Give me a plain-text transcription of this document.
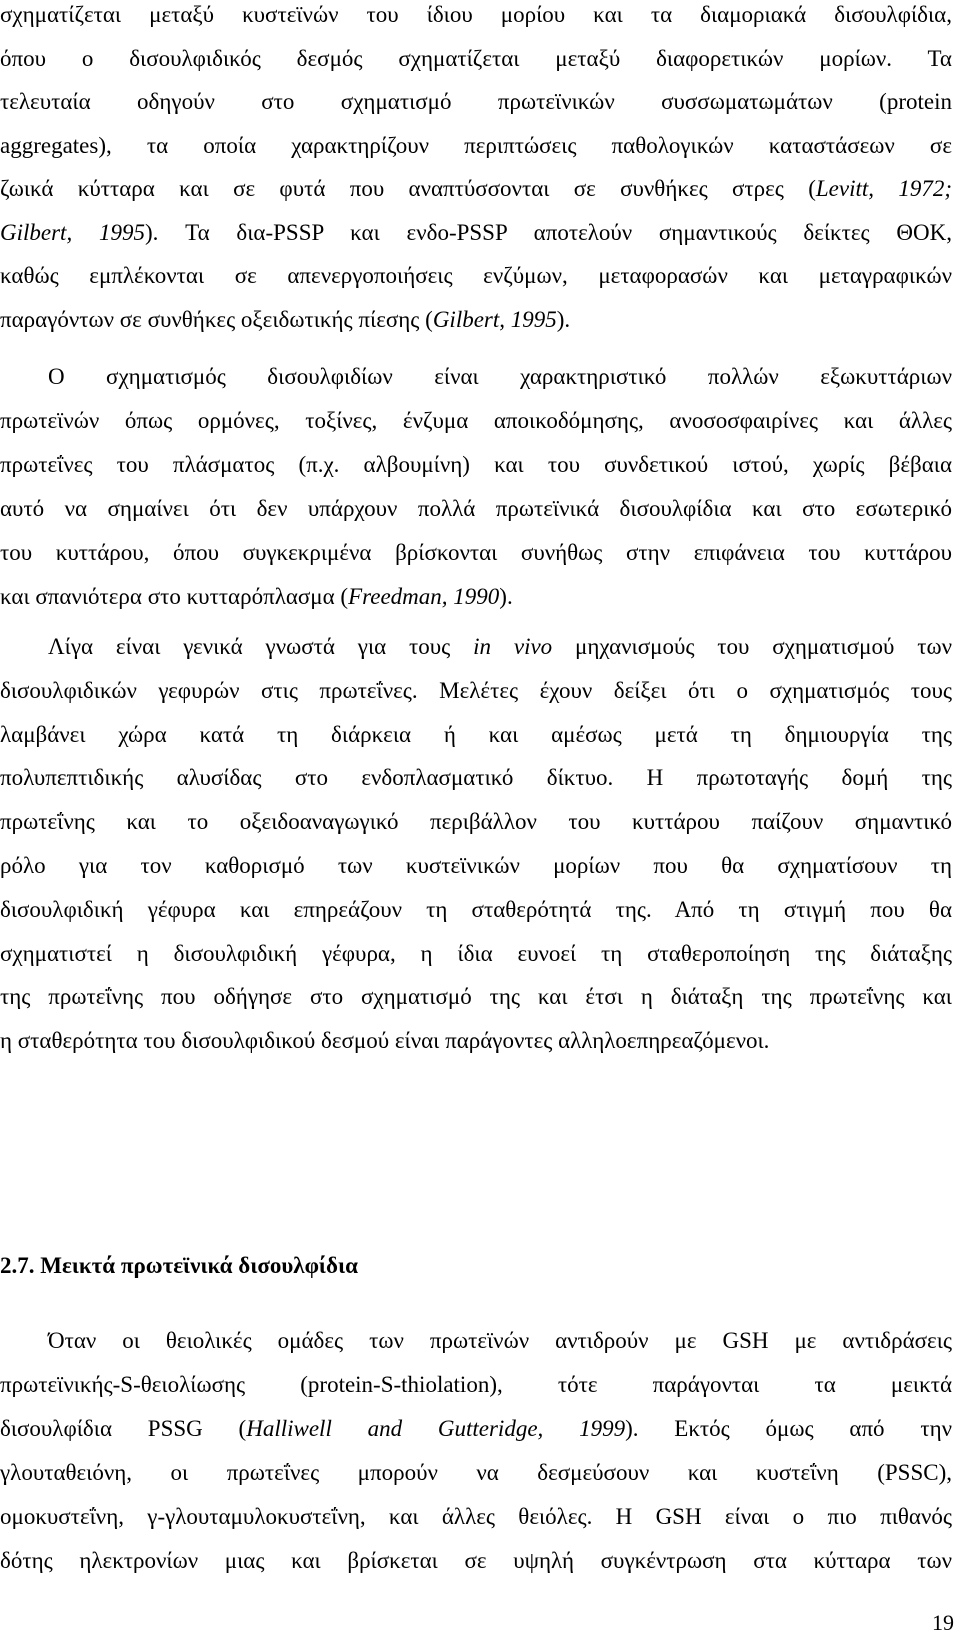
σχηματίζεται μεταξύ κυστεϊνών του ίδιου μορίου και τα διαμοριακά δισουλφίδια,
όπου ο δισουλφιδικός δεσμός σχηματίζεται μεταξύ διαφορετικών μορίων. Τα
τελευταία οδηγούν στο σχηματισμό πρωτεϊνικών συσσωματωμάτων (protein
aggregates), τα οποία χαρακτηρίζουν περιπτώσεις παθολογικών καταστάσεων σε
ζωικά κύτταρα και σε φυτά που αναπτύσσονται σε συνθήκες στρες (Levitt, 1972;
Gilbert, 1995). Τα δια-PSSP και ενδο-PSSP αποτελούν σημαντικούς δείκτες ΘΟΚ,
καθώς εμπλέκονται σε απενεργοποιήσεις ενζύμων, μεταφορασών και μεταγραφικών
παραγόντων σε συνθήκες οξειδωτικής πίεσης (Gilbert, 1995).
Ο σχηματισμός δισουλφιδίων είναι χαρακτηριστικό πολλών εξωκυττάριων
πρωτεϊνών όπως ορμόνες, τοξίνες, ένζυμα αποικοδόμησης, ανοσοσφαιρίνες και άλλες
πρωτεΐνες του πλάσματος (π.χ. αλβουμίνη) και του συνδετικού ιστού, χωρίς βέβαια
αυτό να σημαίνει ότι δεν υπάρχουν πολλά πρωτεϊνικά δισουλφίδια και στο εσωτερικό
του κυττάρου, όπου συγκεκριμένα βρίσκονται συνήθως στην επιφάνεια του κυττάρου
και σπανιότερα στο κυτταρόπλασμα (Freedman, 1990).
Λίγα είναι γενικά γνωστά για τους in vivo μηχανισμούς του σχηματισμού των
δισουλφιδικών γεφυρών στις πρωτεΐνες. Μελέτες έχουν δείξει ότι ο σχηματισμός τους
λαμβάνει χώρα κατά τη διάρκεια ή και αμέσως μετά τη δημιουργία της
πολυπεπτιδικής αλυσίδας στο ενδοπλασματικό δίκτυο. Η πρωτοταγής δομή της
πρωτεΐνης και το οξειδοαναγωγικό περιβάλλον του κυττάρου παίζουν σημαντικό
ρόλο για τον καθορισμό των κυστεϊνικών μορίων που θα σχηματίσουν τη
δισουλφιδική γέφυρα και επηρεάζουν τη σταθερότητά της. Από τη στιγμή που θα
σχηματιστεί η δισουλφιδική γέφυρα, η ίδια ευνοεί τη σταθεροποίηση της διάταξης
της πρωτεΐνης που οδήγησε στο σχηματισμό της και έτσι η διάταξη της πρωτεΐνης και
η σταθερότητα του δισουλφιδικού δεσμού είναι παράγοντες αλληλοεπηρεαζόμενοι.
Όταν οι θειολικές ομάδες των πρωτεϊνών αντιδρούν με GSH με αντιδράσεις
πρωτεϊνικής-S-θειολίωσης (protein-S-thiolation), τότε παράγονται τα μεικτά
δισουλφίδια PSSG (Halliwell and Gutteridge, 1999). Εκτός όμως από την
γλουταθειόνη, οι πρωτεΐνες μπορούν να δεσμεύσουν και κυστεΐνη (PSSC),
ομοκυστεΐνη, γ-γλουταμυλοκυστεΐνη, και άλλες θειόλες. Η GSH είναι ο πιο πιθανός
δότης ηλεκτρονίων μιας και βρίσκεται σε υψηλή συγκέντρωση στα κύτταρα των
2.7. Μεικτά πρωτεϊνικά δισουλφίδια
19
